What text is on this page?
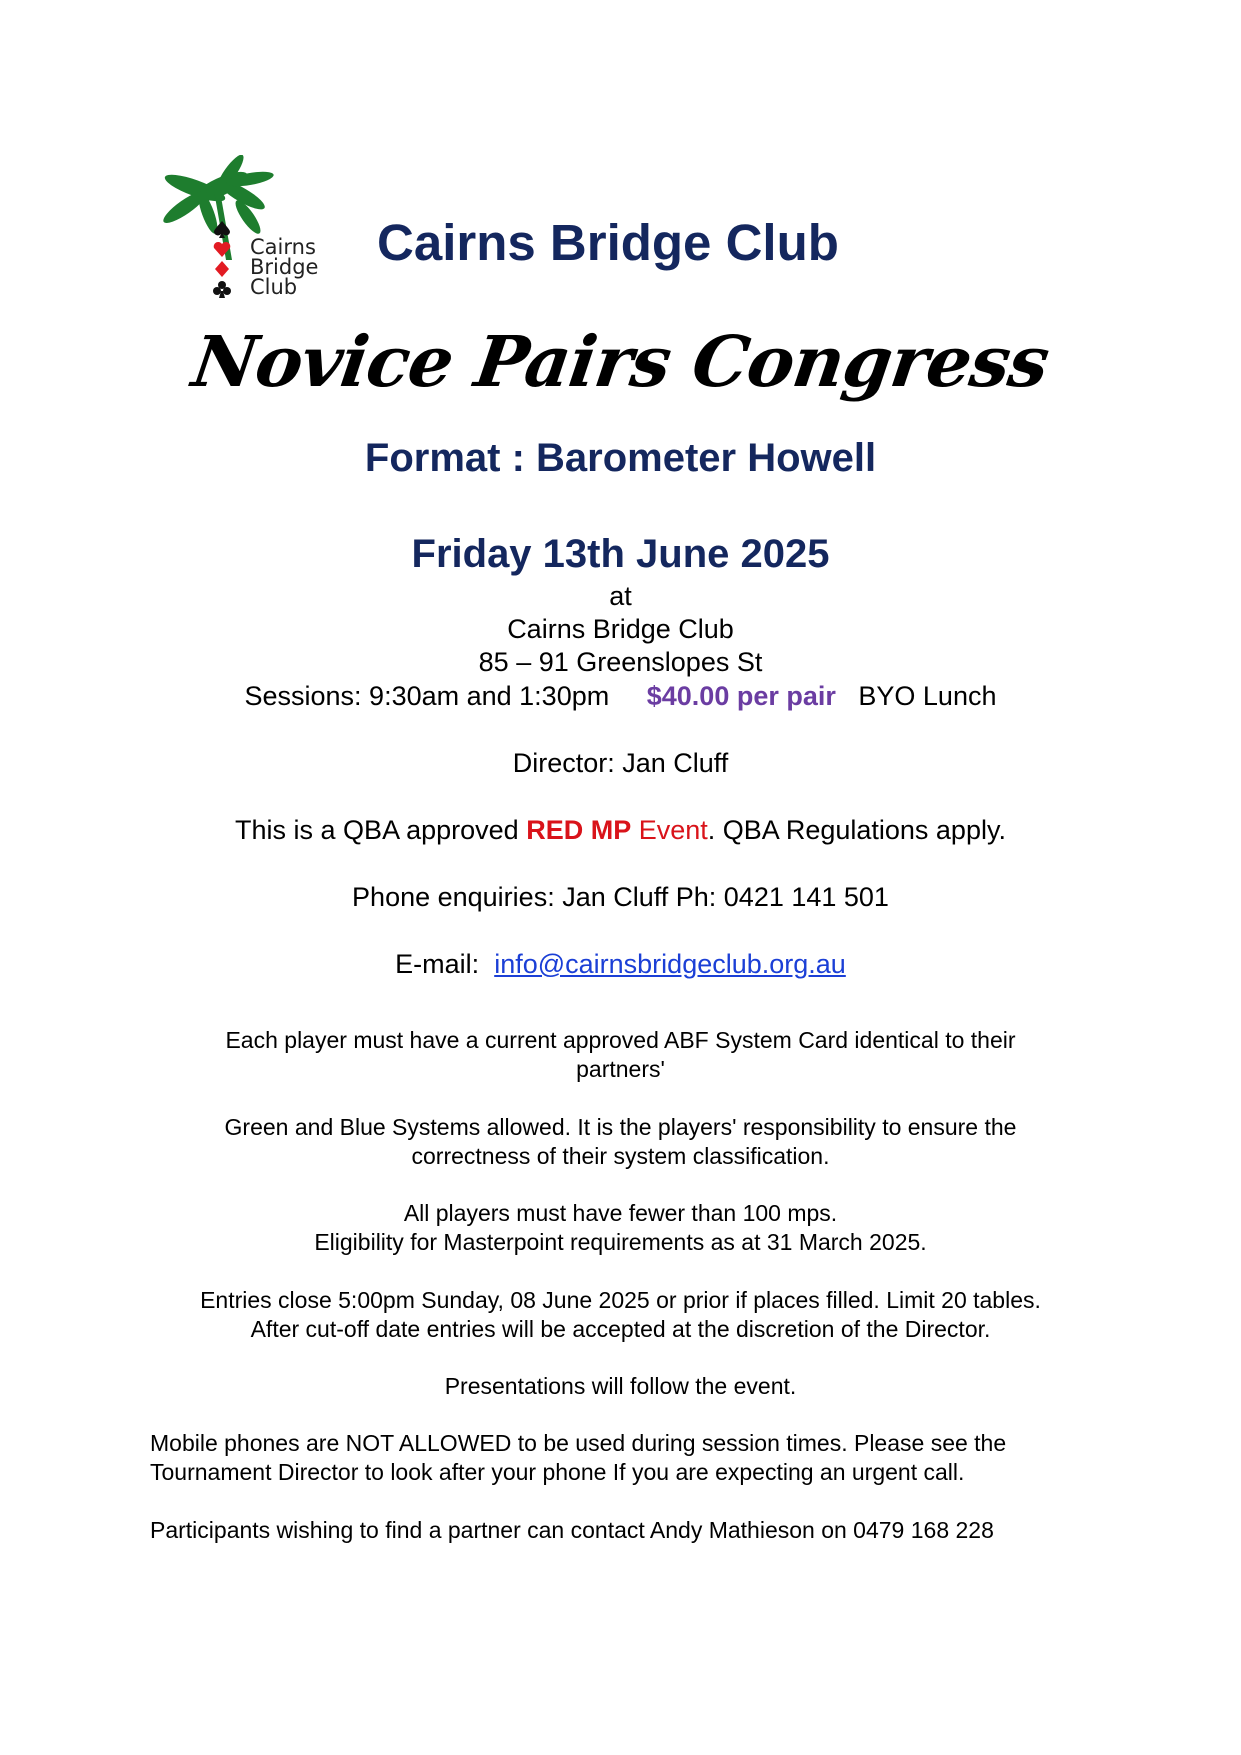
Cairns
Bridge
Club
Cairns Bridge Club
Novice Pairs Congress
Format : Barometer Howell
Friday 13th June 2025
at
Cairns Bridge Club
85 – 91 Greenslopes St
Sessions: 9:30am and 1:30pm $40.00 per pair BYO Lunch
Director: Jan Cluff
This is a QBA approved RED MP Event. QBA Regulations apply.
Phone enquiries: Jan Cluff Ph: 0421 141 501
E-mail: info@cairnsbridgeclub.org.au
Each player must have a current approved ABF System Card identical to their
partners'
Green and Blue Systems allowed. It is the players' responsibility to ensure the
correctness of their system classification.
All players must have fewer than 100 mps.
Eligibility for Masterpoint requirements as at 31 March 2025.
Entries close 5:00pm Sunday, 08 June 2025 or prior if places filled. Limit 20 tables.
After cut-off date entries will be accepted at the discretion of the Director.
Presentations will follow the event.
Mobile phones are NOT ALLOWED to be used during session times. Please see the
Tournament Director to look after your phone If you are expecting an urgent call.
Participants wishing to find a partner can contact Andy Mathieson on 0479 168 228
